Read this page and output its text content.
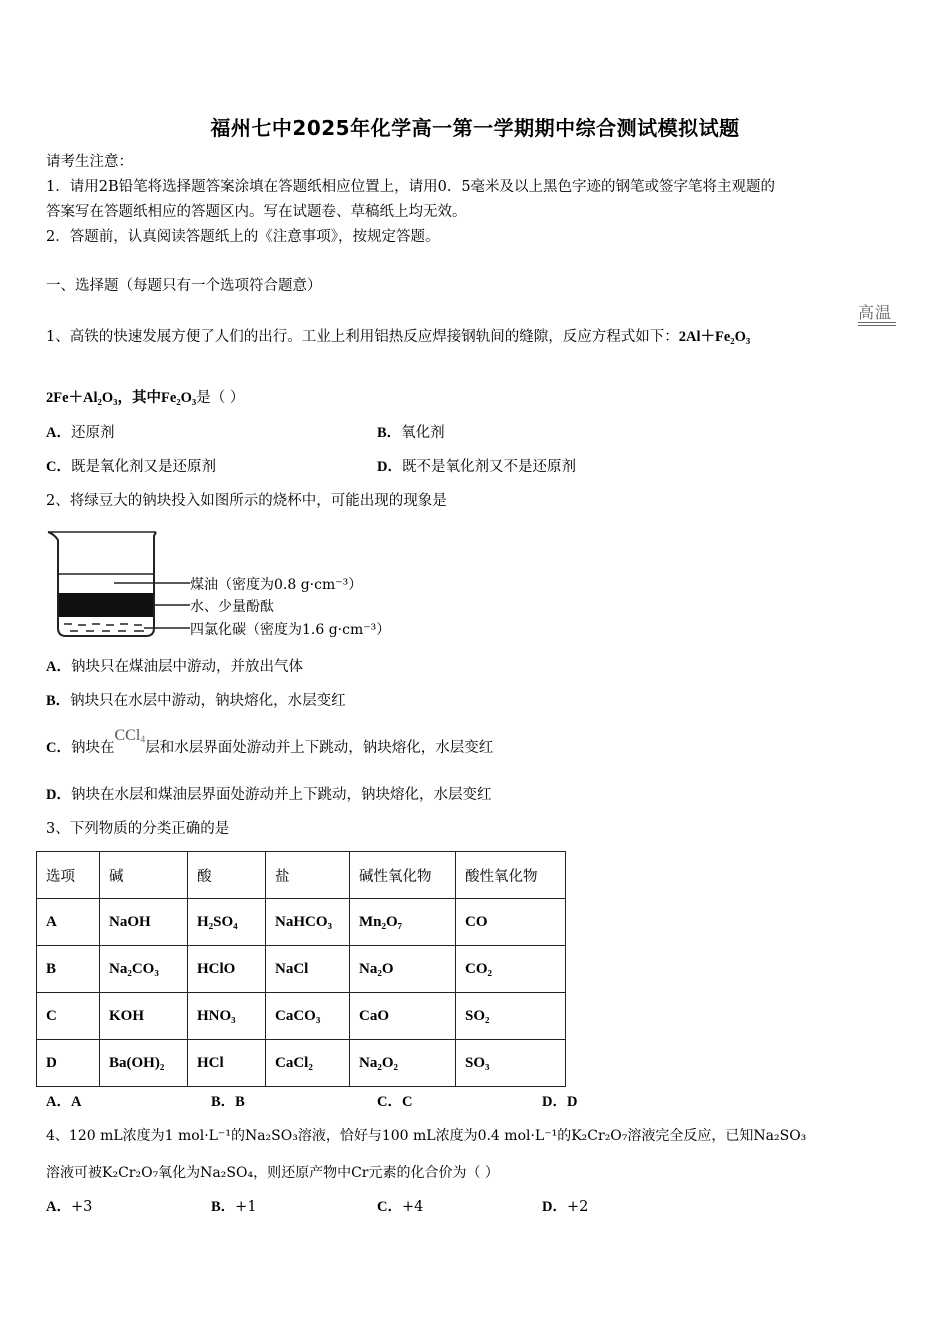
福州七中2025年化学高一第一学期期中综合测试模拟试题
请考生注意：
1．请用2B铅笔将选择题答案涂填在答题纸相应位置上，请用0．5毫米及以上黑色字迹的钢笔或签字笔将主观题的
答案写在答题纸相应的答题区内。写在试题卷、草稿纸上均无效。
2．答题前，认真阅读答题纸上的《注意事项》，按规定答题。
一、选择题（每题只有一个选项符合题意）
高温
1、高铁的快速发展方便了人们的出行。工业上利用铝热反应焊接钢轨间的缝隙，反应方程式如下：2Al＋Fe₂O₃
2Fe＋Al₂O₃，其中Fe₂O₃是（ ）
A．还原剂	B．氧化剂
C．既是氧化剂又是还原剂	D．既不是氧化剂又不是还原剂
2、将绿豆大的钠块投入如图所示的烧杯中，可能出现的现象是
煤油（密度为0.8 g·cm⁻³）
水、少量酚酞
四氯化碳（密度为1.6 g·cm⁻³）
A．钠块只在煤油层中游动，并放出气体
B．钠块只在水层中游动，钠块熔化，水层变红
C．钠块在CCl$_4$层和水层界面处游动并上下跳动，钠块熔化，水层变红
D．钠块在水层和煤油层界面处游动并上下跳动，钠块熔化，水层变红
3、下列物质的分类正确的是
选项	碱	酸	盐	碱性氧化物	酸性氧化物
A	NaOH	H₂SO₄	NaHCO₃	Mn₂O₇	CO
B	Na₂CO₃	HClO	NaCl	Na₂O	CO₂
C	KOH	HNO₃	CaCO₃	CaO	SO₂
D	Ba(OH)₂	HCl	CaCl₂	Na₂O₂	SO₃
A．A	B．B	C．C	D．D
4、120 mL浓度为1 mol·L⁻¹的Na₂SO₃溶液，恰好与100 mL浓度为0.4 mol·L⁻¹的K₂Cr₂O₇溶液完全反应，已知Na₂SO₃
溶液可被K₂Cr₂O₇氧化为Na₂SO₄，则还原产物中Cr元素的化合价为（ ）
A．+3	B．+1	C．+4	D．+2
